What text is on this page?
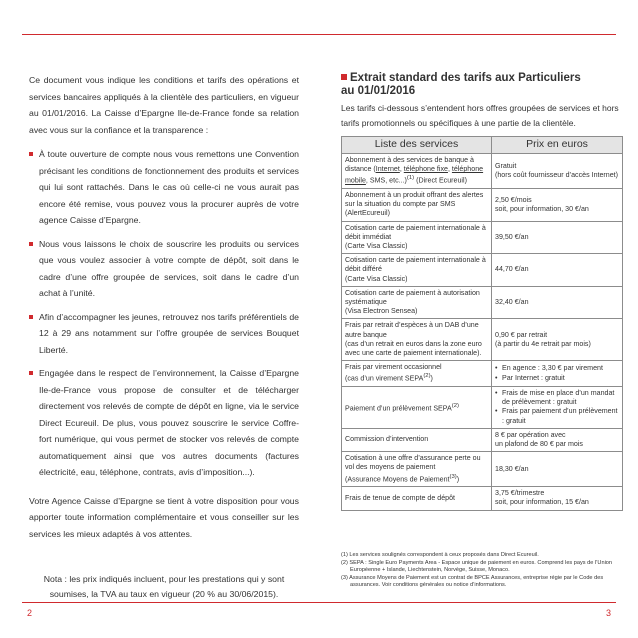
Ce document vous indique les conditions et tarifs des opérations et services bancaires appliqués à la clientèle des particuliers, en vigueur au 01/01/2016. La Caisse d’Epargne Ile-de-France fonde sa relation avec vous sur la confiance et la transparence :

À toute ouverture de compte nous vous remettons une Convention précisant les conditions de fonctionnement des produits et services qui lui sont rattachés. Dans le cas où celle-ci ne vous aurait pas encore été remise, vous pouvez vous la procurer auprès de votre agence Caisse d’Epargne.
Nous vous laissons le choix de souscrire les produits ou services que vous voulez associer à votre compte de dépôt, soit dans le cadre d’une offre groupée de services, soit dans le cadre d’un achat à l’unité.
Afin d’accompagner les jeunes, retrouvez nos tarifs préférentiels de 12 à 29 ans notamment sur l’offre groupée de services Bouquet Liberté.
Engagée dans le respect de l’environnement, la Caisse d’Epargne Ile-de-France vous propose de consulter et de télécharger directement vos relevés de compte de dépôt en ligne, via le service Direct Ecureuil. De plus, vous pouvez souscrire le service Coffre-fort numérique, qui vous permet de stocker vos relevés de compte automatiquement ainsi que vos autres documents (factures électricité, eau, téléphone, contrats, avis d’imposition...).

Votre Agence Caisse d’Epargne se tient à votre disposition pour vous apporter toute information complémentaire et vous conseiller sur les services les mieux adaptés à vos attentes.

Nota : les prix indiqués incluent, pour les prestations qui y sont soumises, la TVA au taux en vigueur (20 % au 30/06/2015).
Extrait standard des tarifs aux Particuliers
au 01/01/2016

Les tarifs ci-dessous s’entendent hors offres groupées de services et hors tarifs promotionnels ou spécifiques à une partie de la clientèle.

Liste des services	Prix en euros
Abonnement à des services de banque à distance (Internet, téléphone fixe, téléphone mobile, SMS, etc...)$^{(1)}$ (Direct Ecureuil)	Gratuit
(hors coût fournisseur d’accès Internet)
Abonnement à un produit offrant des alertes sur la situation du compte par SMS
(AlertEcureuil)	2,50 €/mois
soit, pour information, 30 €/an
Cotisation carte de paiement internationale à débit immédiat
(Carte Visa Classic)	39,50 €/an
Cotisation carte de paiement internationale à débit différé
(Carte Visa Classic)	44,70 €/an
Cotisation carte de paiement à autorisation systématique
(Visa Electron Sensea)	32,40 €/an
Frais par retrait d’espèces à un DAB d’une autre banque
(cas d’un retrait en euros dans la zone euro avec une carte de paiement internationale).	0,90 € par retrait
(à partir du 4e retrait par mois)
Frais par virement occasionnel
(cas d’un virement SEPA$^{(2)}$)	• En agence : 3,30 € par virement
• Par Internet : gratuit

Paiement d’un prélèvement SEPA$^{(2)}$	• Frais de mise en place d’un mandat de prélèvement : gratuit
• Frais par paiement d’un prélèvement : gratuit

Commission d’intervention	8 € par opération avec
un plafond de 80 € par mois
Cotisation à une offre d’assurance perte ou vol des moyens de paiement
(Assurance Moyens de Paiement$^{(3)}$)	18,30 €/an
Frais de tenue de compte de dépôt	3,75 €/trimestre
soit, pour information, 15 €/an
(1) Les services soulignés correspondent à ceux proposés dans Direct Ecureuil.
(2) SEPA : Single Euro Payments Area - Espace unique de paiement en euros. Comprend les pays de l’Union Européenne + Islande, Liechtenstein, Norvège, Suisse, Monaco.
(3) Assurance Moyens de Paiement est un contrat de BPCE Assurances, entreprise régie par le Code des assurances. Voir conditions générales ou notice d’informations.
2	3
